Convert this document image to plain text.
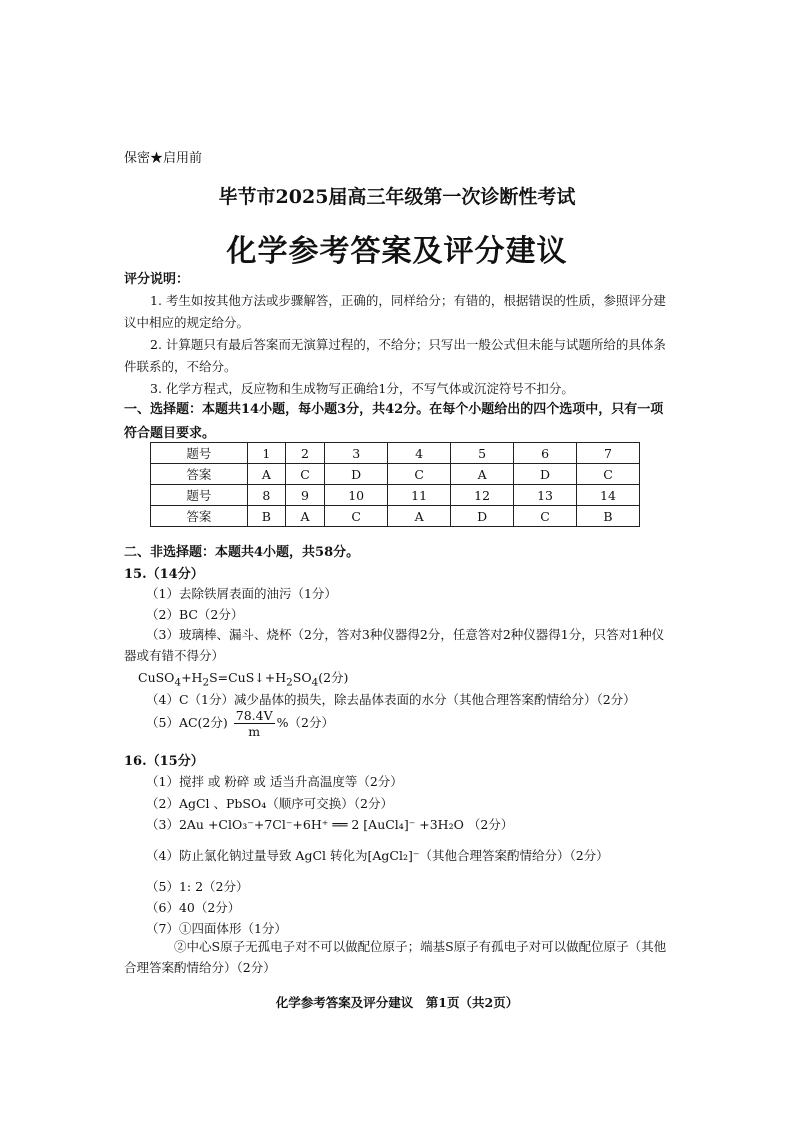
保密★启用前
毕节市2025届高三年级第一次诊断性考试
化学参考答案及评分建议
评分说明：
1. 考生如按其他方法或步骤解答，正确的，同样给分；有错的，根据错误的性质，参照评分建议中相应的规定给分。
2. 计算题只有最后答案而无演算过程的，不给分；只写出一般公式但未能与试题所给的具体条件联系的，不给分。
3. 化学方程式，反应物和生成物写正确给1分，不写气体或沉淀符号不扣分。
一、选择题：本题共14小题，每小题3分，共42分。在每个小题给出的四个选项中，只有一项符合题目要求。
题号	1	2	3	4	5	6	7
答案	A	C	D	C	A	D	C
题号	8	9	10	11	12	13	14
答案	B	A	C	A	D	C	B
二、非选择题：本题共4小题，共58分。
15.（14分）
（1）去除铁屑表面的油污（1分）
（2）BC（2分）
（3）玻璃棒、漏斗、烧杯（2分，答对3种仪器得2分，任意答对2种仪器得1分，只答对1种仪器或有错不得分）
$CuSO_4+H_2S=CuS↓+H_2SO_4(2$分)
（4）C（1分）减少晶体的损失，除去晶体表面的水分（其他合理答案酌情给分）（2分）
（5）AC(2分) $\frac{78.4V}{m} \%(2$分）
16.（15分）
（1）搅拌 或 粉碎 或 适当升高温度等（2分）
（2）AgCl 、PbSO₄（顺序可交换）（2分）
（3）2Au +ClO₃⁻+7Cl⁻+6H⁺ ══ 2 [AuCl₄]⁻ +3H₂O （2分）
（4）防止氯化钠过量导致 AgCl 转化为[AgCl₂]⁻（其他合理答案酌情给分）（2分）
（5）1: 2（2分）
（6）40（2分）
（7）①四面体形（1分）
②中心S原子无孤电子对不可以做配位原子；端基S原子有孤电子对可以做配位原子（其他合理答案酌情给分）（2分）
化学参考答案及评分建议　第1页（共2页）
